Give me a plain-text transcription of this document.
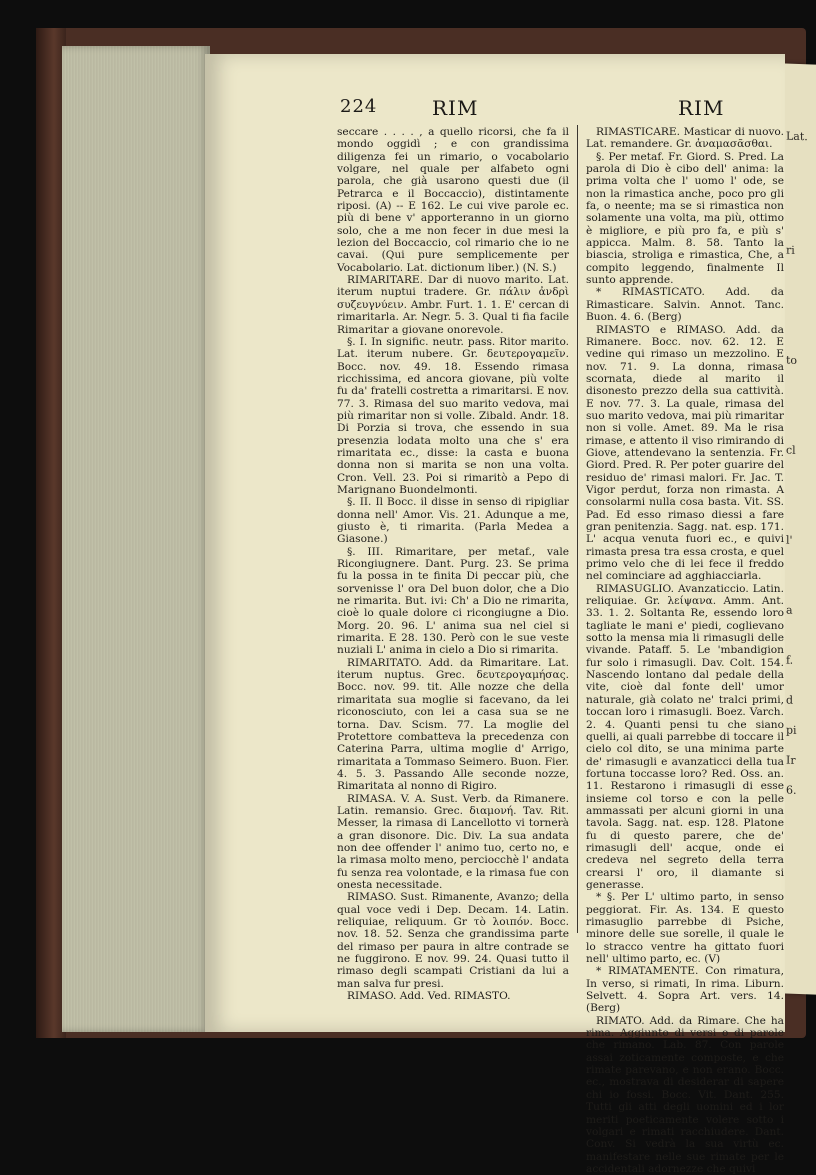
Lat.
ri
to
cl
l'
a
f.
d
pi
Ir
6.
224	RIM	RIM

seccare . . . . , a quello ricorsi, che fa il mondo oggidì ; e con grandissima diligenza fei un rimario, o vocabolario volgare, nel quale per alfabeto ogni parola, che già usarono questi due (il Petrarca e il Boccaccio), distintamente riposi. (A) -- E 162. Le cui vive parole ec. più di bene v' apporteranno in un giorno solo, che a me non fecer in due mesi la lezion del Boccaccio, col rimario che io ne cavai. (Qui pure semplicemente per Vocabolario. Lat. dictionum liber.) (N. S.)

RIMARITARE. Dar di nuovo marito. Lat. iterum nuptui tradere. Gr. πάλιν ἀνδρὶ συζευγνύειν. Ambr. Furt. 1. 1. E' cercan di rimaritarla. Ar. Negr. 5. 3. Qual ti fia facile Rimaritar a giovane onorevole.

§. I. In signific. neutr. pass. Ritor marito. Lat. iterum nubere. Gr. δευτερογαμεῖν. Bocc. nov. 49. 18. Essendo rimasa ricchissima, ed ancora giovane, più volte fu da' fratelli costretta a rimaritarsi. E nov. 77. 3. Rimasa del suo marito vedova, mai più rimaritar non si volle. Zibald. Andr. 18. Di Porzia si trova, che essendo in sua presenzia lodata molto una che s' era rimaritata ec., disse: la casta e buona donna non si marita se non una volta. Cron. Vell. 23. Poi si rimaritò a Pepo di Marignano Buondelmonti.

§. II. Il Bocc. il disse in senso di ripigliar donna nell' Amor. Vis. 21. Adunque a me, giusto è, ti rimarita. (Parla Medea a Giasone.)

§. III. Rimaritare, per metaf., vale Ricongiugnere. Dant. Purg. 23. Se prima fu la possa in te finita Di peccar più, che sorvenisse l' ora Del buon dolor, che a Dio ne rimarita. But. ivi: Ch' a Dio ne rimarita, cioè lo quale dolore ci ricongiugne a Dio. Morg. 20. 96. L' anima sua nel ciel si rimarita. E 28. 130. Però con le sue veste nuziali L' anima in cielo a Dio si rimarita.

RIMARITATO. Add. da Rimaritare. Lat. iterum nuptus. Grec. δευτερογαμήσας. Bocc. nov. 99. tit. Alle nozze che della rimaritata sua moglie si facevano, da lei riconosciuto, con lei a casa sua se ne torna. Dav. Scism. 77. La moglie del Protettore combatteva la precedenza con Caterina Parra, ultima moglie d' Arrigo, rimaritata a Tommaso Seimero. Buon. Fier. 4. 5. 3. Passando Alle seconde nozze, Rimaritata al nonno di Rigiro.

RIMASA. V. A. Sust. Verb. da Rimanere. Latin. remansio. Grec. διαμονή. Tav. Rit. Messer, la rimasa di Lancellotto vi tornerà a gran disonore. Dic. Div. La sua andata non dee offender l' animo tuo, certo no, e la rimasa molto meno, perciocchè l' andata fu senza rea volontade, e la rimasa fue con onesta necessitade.

RIMASO. Sust. Rimanente, Avanzo; della qual voce vedi i Dep. Decam. 14. Latin. reliquiae, reliquum. Gr τὸ λοιπόν. Bocc. nov. 18. 52. Senza che grandissima parte del rimaso per paura in altre contrade se ne fuggirono. E nov. 99. 24. Quasi tutto il rimaso degli scampati Cristiani da lui a man salva fur presi.

RIMASO. Add. Ved. RIMASTO.

RIMASTICARE. Masticar di nuovo. Lat. remandere. Gr. ἀναμασᾶσθαι.

§. Per metaf. Fr. Giord. S. Pred. La parola di Dio è cibo dell' anima: la prima volta che l' uomo l' ode, se non la rimastica anche, poco pro gli fa, o neente; ma se si rimastica non solamente una volta, ma più, ottimo è migliore, e più pro fa, e più s' appicca. Malm. 8. 58. Tanto la biascia, stroliga e rimastica, Che, a compito leggendo, finalmente Il sunto apprende.

* RIMASTICATO. Add. da Rimasticare. Salvin. Annot. Tanc. Buon. 4. 6. (Berg)

RIMASTO e RIMASO. Add. da Rimanere. Bocc. nov. 62. 12. E vedine qui rimaso un mezzolino. E nov. 71. 9. La donna, rimasa scornata, diede al marito il disonesto prezzo della sua cattività. E nov. 77. 3. La quale, rimasa del suo marito vedova, mai più rimaritar non si volle. Amet. 89. Ma le risa rimase, e attento il viso rimirando di Giove, attendevano la sentenzia. Fr. Giord. Pred. R. Per poter guarire del residuo de' rimasi malori. Fr. Jac. T. Vigor perdut, forza non rimasta. A consolarmi nulla cosa basta. Vit. SS. Pad. Ed esso rimaso diessi a fare gran penitenzia. Sagg. nat. esp. 171. L' acqua venuta fuori ec., e quivi rimasta presa tra essa crosta, e quel primo velo che di lei fece il freddo nel cominciare ad agghiacciarla.

RIMASUGLIO. Avanzaticcio. Latin. reliquiae. Gr. λείψανα. Amm. Ant. 33. 1. 2. Soltanta Re, essendo loro tagliate le mani e' piedi, coglievano sotto la mensa mia li rimasugli delle vivande. Pataff. 5. Le 'mbandigion fur solo i rimasugli. Dav. Colt. 154. Nascendo lontano dal pedale della vite, cioè dal fonte dell' umor naturale, già colato ne' tralci primi, toccan loro i rimasugli. Boez. Varch. 2. 4. Quanti pensi tu che siano quelli, ai quali parrebbe di toccare il cielo col dito, se una minima parte de' rimasugli e avanzaticci della tua fortuna toccasse loro? Red. Oss. an. 11. Restarono i rimasugli di esse insieme col torso e con la pelle ammassati per alcuni giorni in una tavola. Sagg. nat. esp. 128. Platone fu di questo parere, che de' rimasugli dell' acque, onde ei credeva nel segreto della terra crearsi l' oro, il diamante si generasse.

* §. Per L' ultimo parto, in senso peggiorat. Fir. As. 134. E questo rimasuglio parrebbe di Psiche, minore delle sue sorelle, il quale le lo stracco ventre ha gittato fuori nell' ultimo parto, ec. (V)

* RIMATAMENTE. Con rimatura, In verso, si rimati, In rima. Liburn. Selvett. 4. Sopra Art. vers. 14. (Berg)

RIMATO. Add. da Rimare. Che ha rima. Aggiunto di versi o di parole che rimano. Lab. 87. Con parole assai zoticamente composte, e che rimate parevano, e non erano. Bocc. ec., mostrava di desiderar di sapere chi io fossi. Bocc. Vit. Dant. 255. Tutti gli atti degli uomini ed i lor meriti poeticamente volere sotto i volgari e rimati racchiudere. Dant. Conv. Si vedrà la sua virtù ec. manifestare nelle sue rimate per le accidentali adornezze che quivi
